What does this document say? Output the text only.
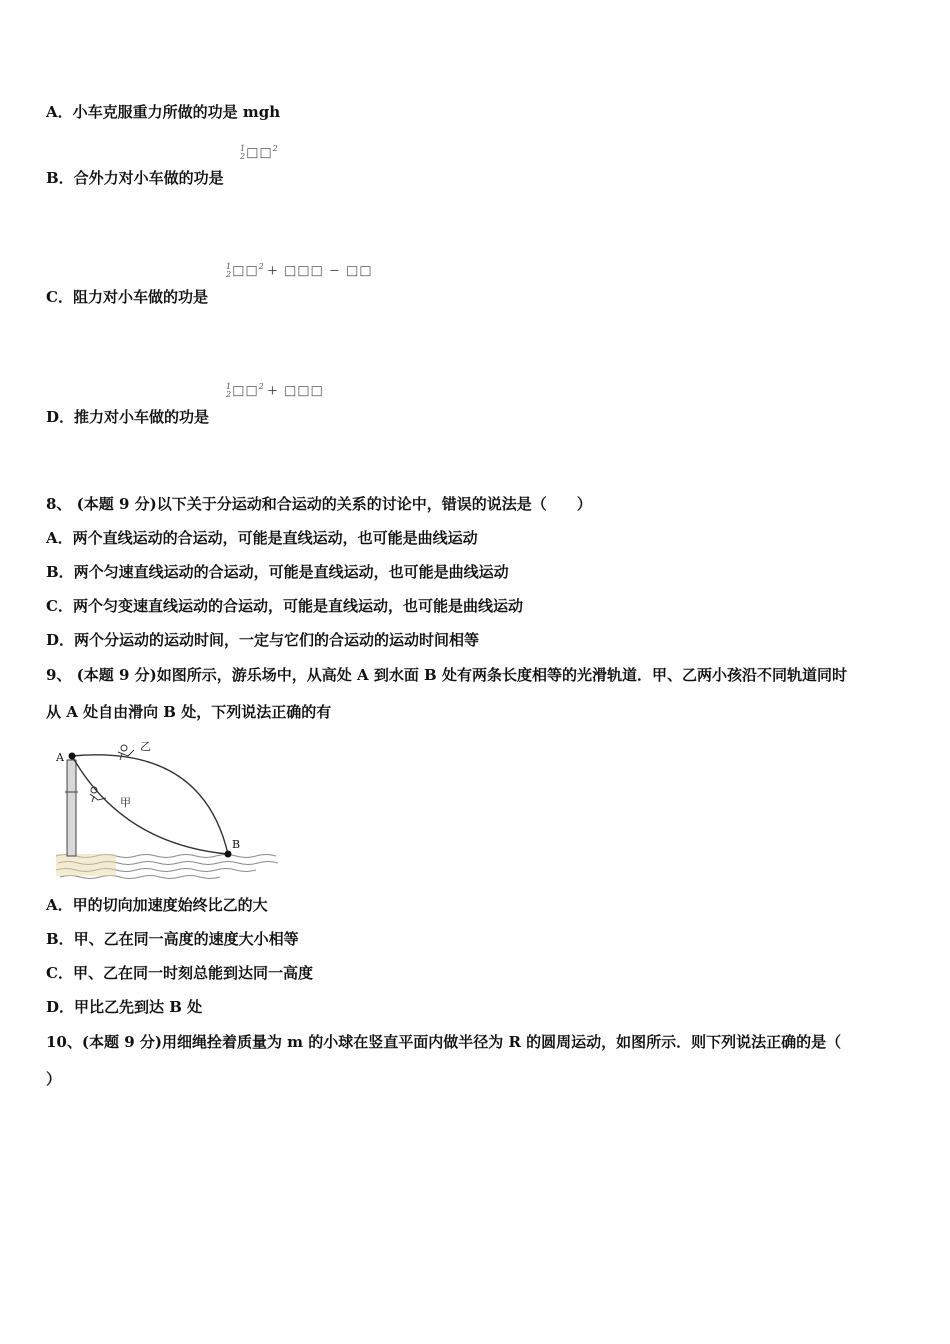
A．小车克服重力所做的功是 mgh
1
2□□$^2$
B．合外力对小车做的功是
1
2□□$^2$ + □□□ − □□
C．阻力对小车做的功是
1
2□□$^2$ + □□□
D．推力对小车做的功是
8、 (本题 9 分)以下关于分运动和合运动的关系的讨论中，错误的说法是（　　）
A．两个直线运动的合运动，可能是直线运动，也可能是曲线运动
B．两个匀速直线运动的合运动，可能是直线运动，也可能是曲线运动
C．两个匀变速直线运动的合运动，可能是直线运动，也可能是曲线运动
D．两个分运动的运动时间，一定与它们的合运动的运动时间相等
9、 (本题 9 分)如图所示，游乐场中，从高处 A 到水面 B 处有两条长度相等的光滑轨道．甲、乙两小孩沿不同轨道同时
从 A 处自由滑向 B 处，下列说法正确的有
A
B
乙
甲
A．甲的切向加速度始终比乙的大
B．甲、乙在同一高度的速度大小相等
C．甲、乙在同一时刻总能到达同一高度
D．甲比乙先到达 B 处
10、(本题 9 分)用细绳拴着质量为 m 的小球在竖直平面内做半径为 R 的圆周运动，如图所示．则下列说法正确的是（
）
